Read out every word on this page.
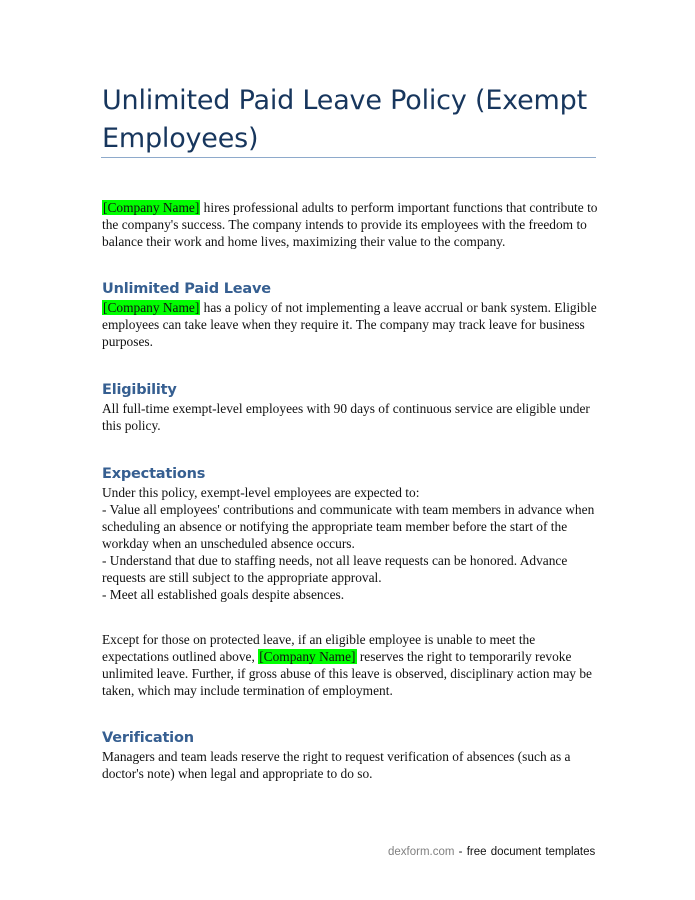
Unlimited Paid Leave Policy (Exempt Employees)

[Company Name] hires professional adults to perform important functions that contribute to the company's success. The company intends to provide its employees with the freedom to balance their work and home lives, maximizing their value to the company.

Unlimited Paid Leave

[Company Name] has a policy of not implementing a leave accrual or bank system. Eligible employees can take leave when they require it. The company may track leave for business purposes.

Eligibility

All full-time exempt-level employees with 90 days of continuous service are eligible under this policy.

Expectations

Under this policy, exempt-level employees are expected to:

- Value all employees' contributions and communicate with team members in advance when scheduling an absence or notifying the appropriate team member before the start of the workday when an unscheduled absence occurs.

- Understand that due to staffing needs, not all leave requests can be honored. Advance requests are still subject to the appropriate approval.

- Meet all established goals despite absences.

Except for those on protected leave, if an eligible employee is unable to meet the expectations outlined above, [Company Name] reserves the right to temporarily revoke unlimited leave. Further, if gross abuse of this leave is observed, disciplinary action may be taken, which may include termination of employment.

Verification

Managers and team leads reserve the right to request verification of absences (such as a doctor's note) when legal and appropriate to do so.

dexform.com - free document templates
